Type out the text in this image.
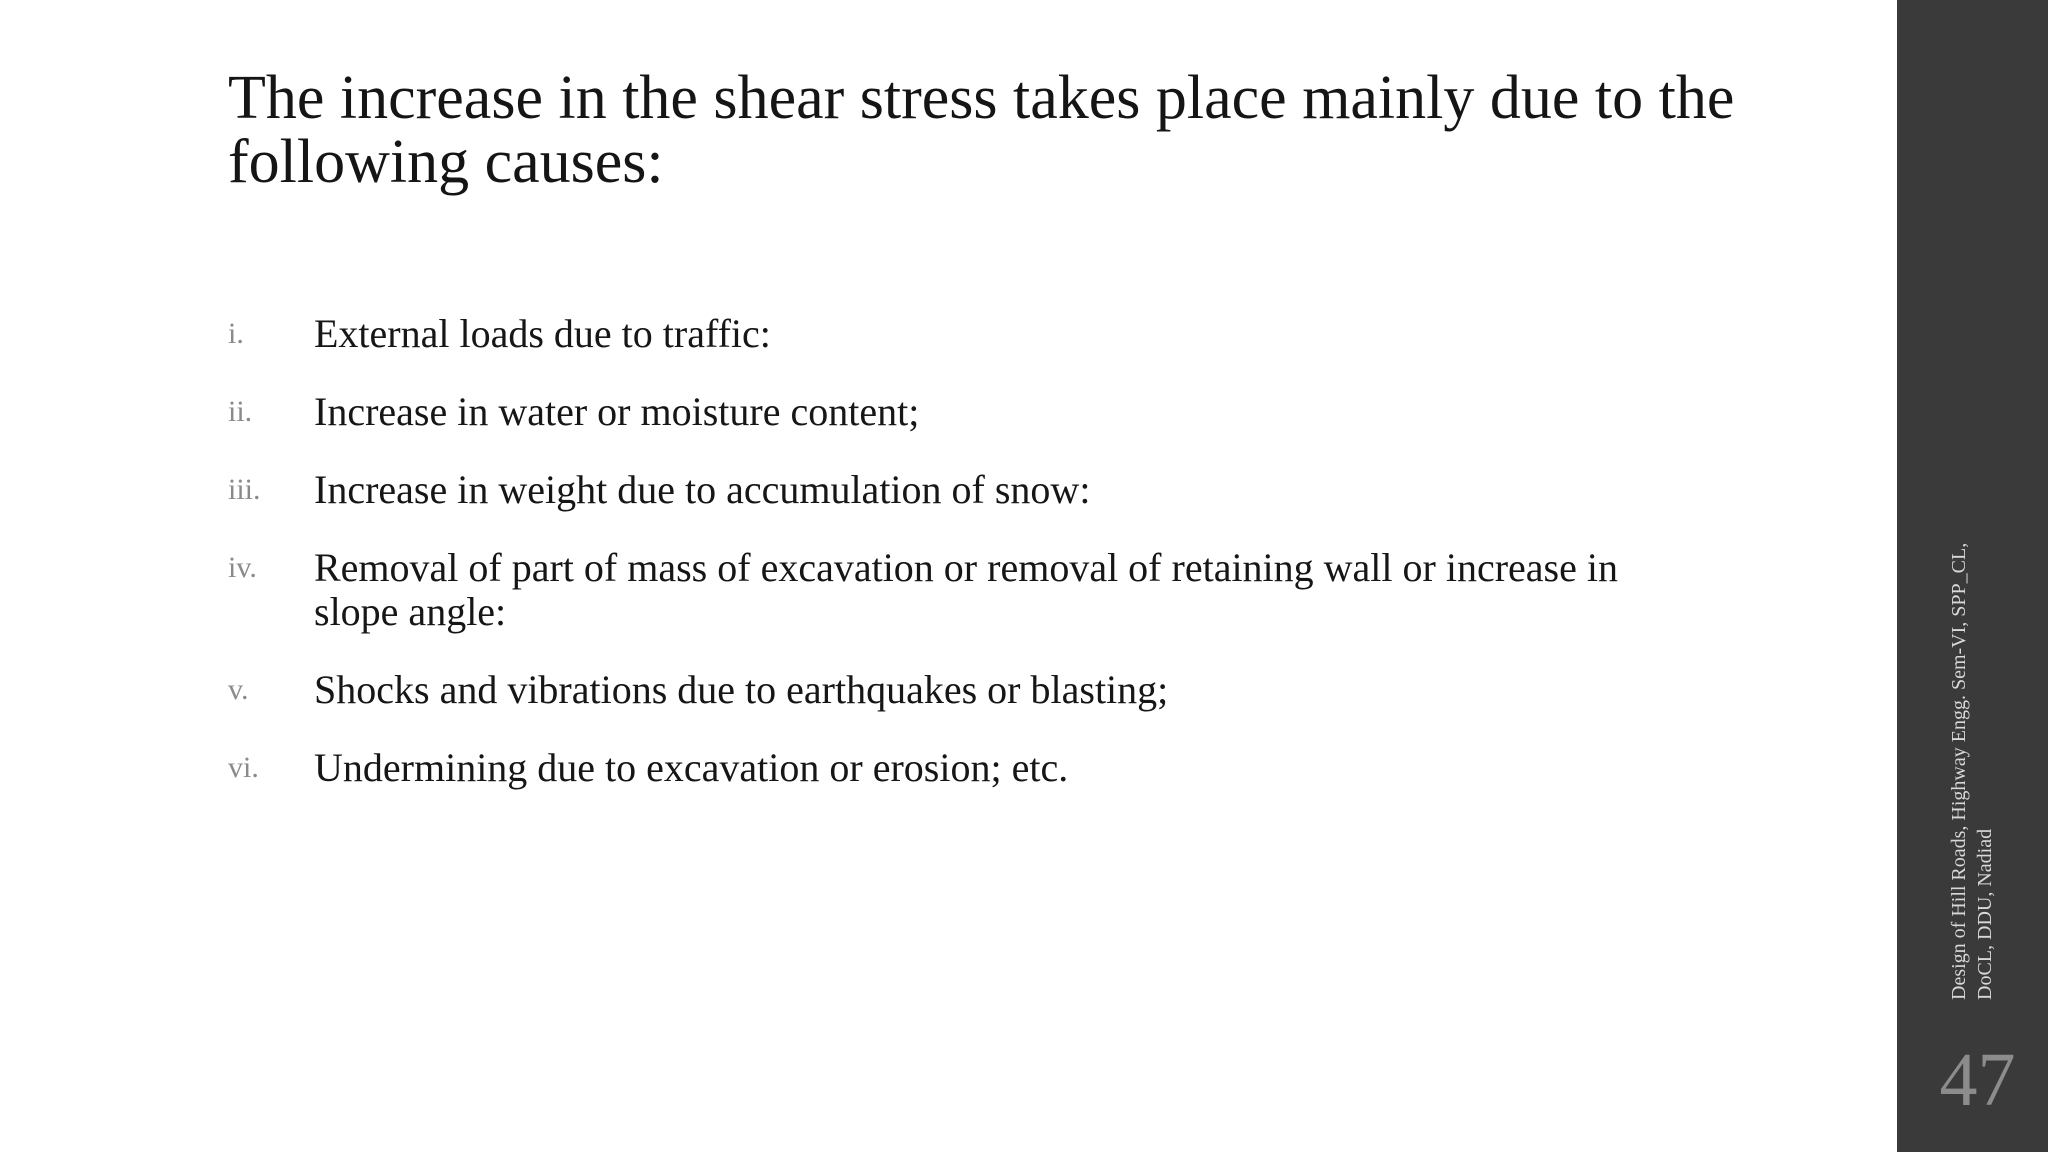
The increase in the shear stress takes place mainly due to the following causes:
i.	External loads due to traffic:
ii.	Increase in water or moisture content;
iii.	Increase in weight due to accumulation of snow:
iv.	Removal of part of mass of excavation or removal of retaining wall or increase in slope angle:
v.	Shocks and vibrations due to earthquakes or blasting;
vi.	Undermining due to excavation or erosion; etc.	Design of Hill Roads, Highway Engg. Sem-VI, SPP_CL, DoCL, DDU, Nadiad
47
